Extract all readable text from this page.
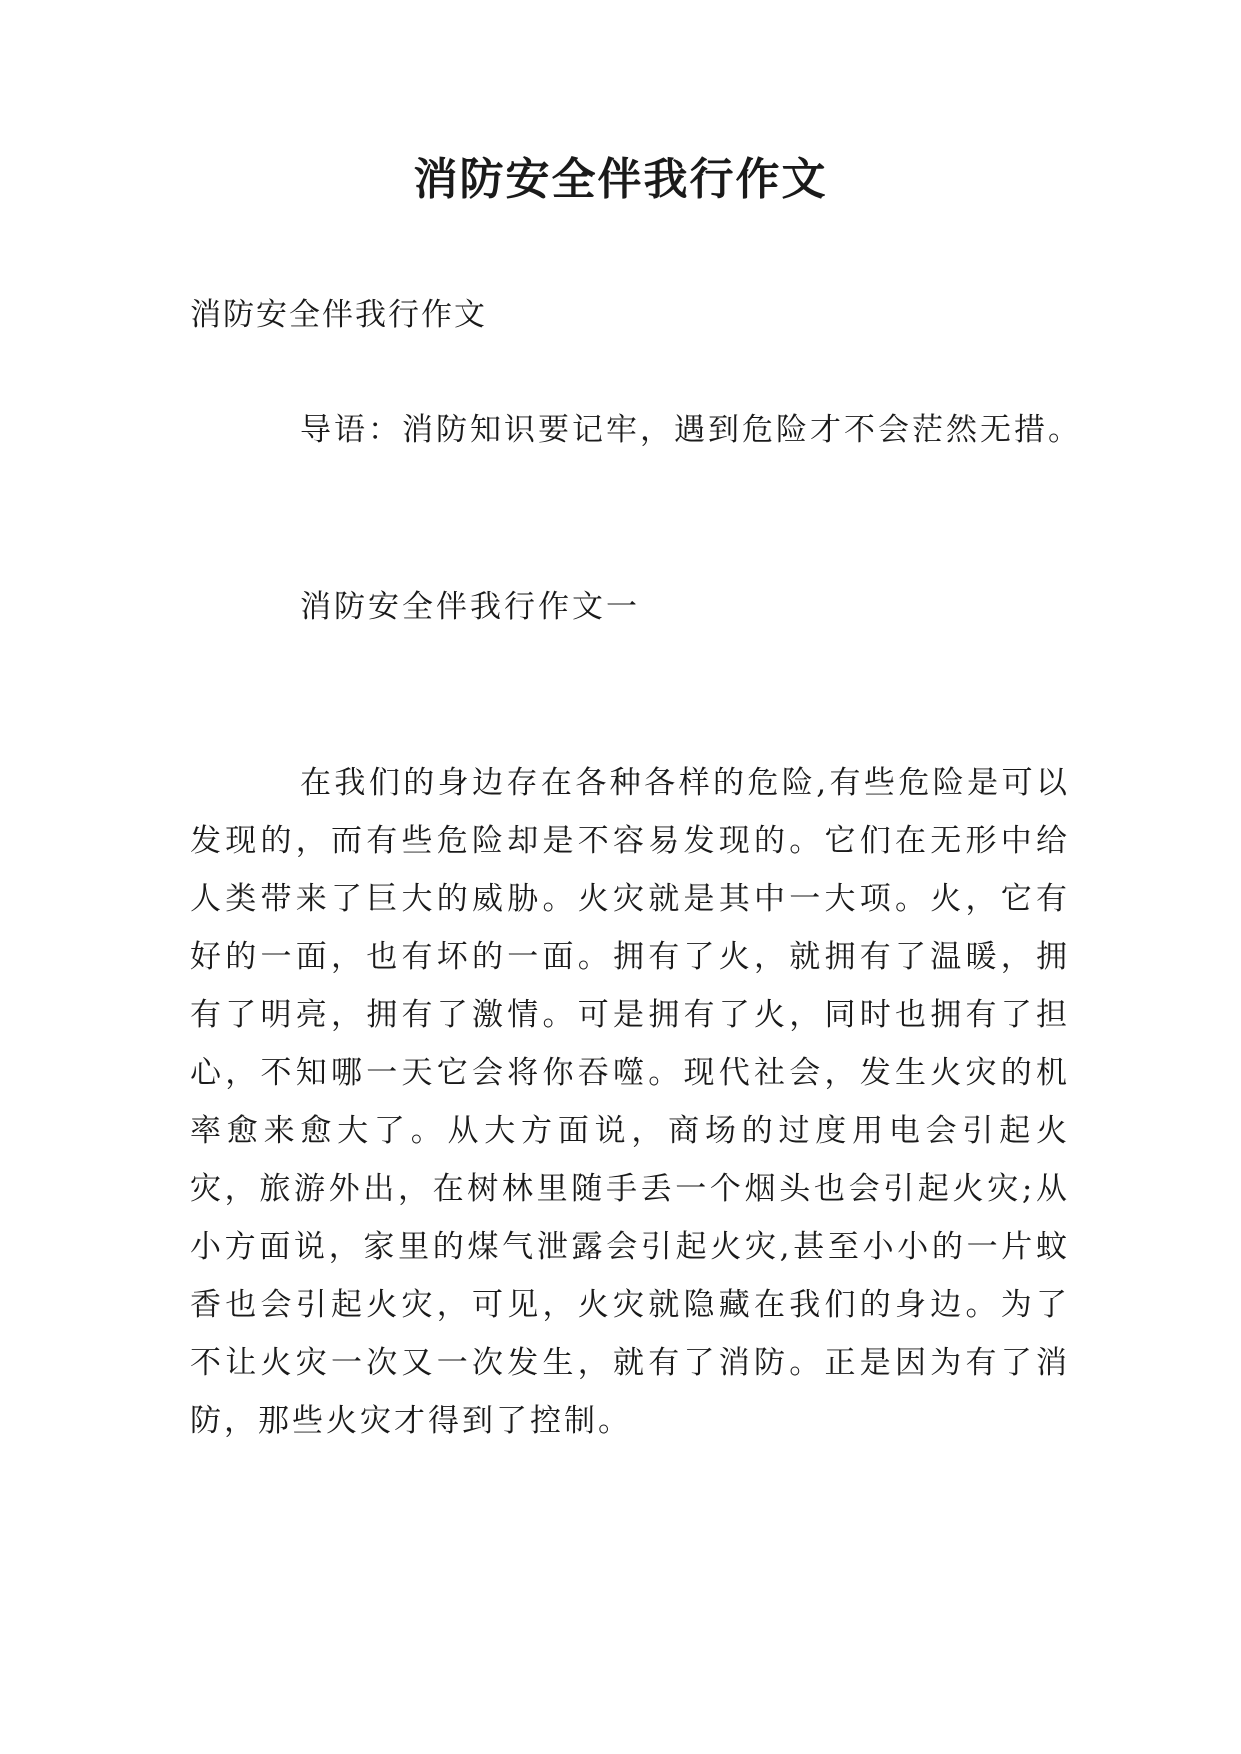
消防安全伴我行作文
消防安全伴我行作文
导语：消防知识要记牢，遇到危险才不会茫然无措。
消防安全伴我行作文一
在我们的身边存在各种各样的危险,有些危险是可以发现的，而有些危险却是不容易发现的。它们在无形中给人类带来了巨大的威胁。火灾就是其中一大项。火，它有好的一面，也有坏的一面。拥有了火，就拥有了温暖，拥有了明亮，拥有了激情。可是拥有了火，同时也拥有了担心，不知哪一天它会将你吞噬。现代社会，发生火灾的机率愈来愈大了。从大方面说，商场的过度用电会引起火灾，旅游外出，在树林里随手丢一个烟头也会引起火灾;从小方面说，家里的煤气泄露会引起火灾,甚至小小的一片蚊香也会引起火灾，可见，火灾就隐藏在我们的身边。为了不让火灾一次又一次发生，就有了消防。正是因为有了消防，那些火灾才得到了控制。
